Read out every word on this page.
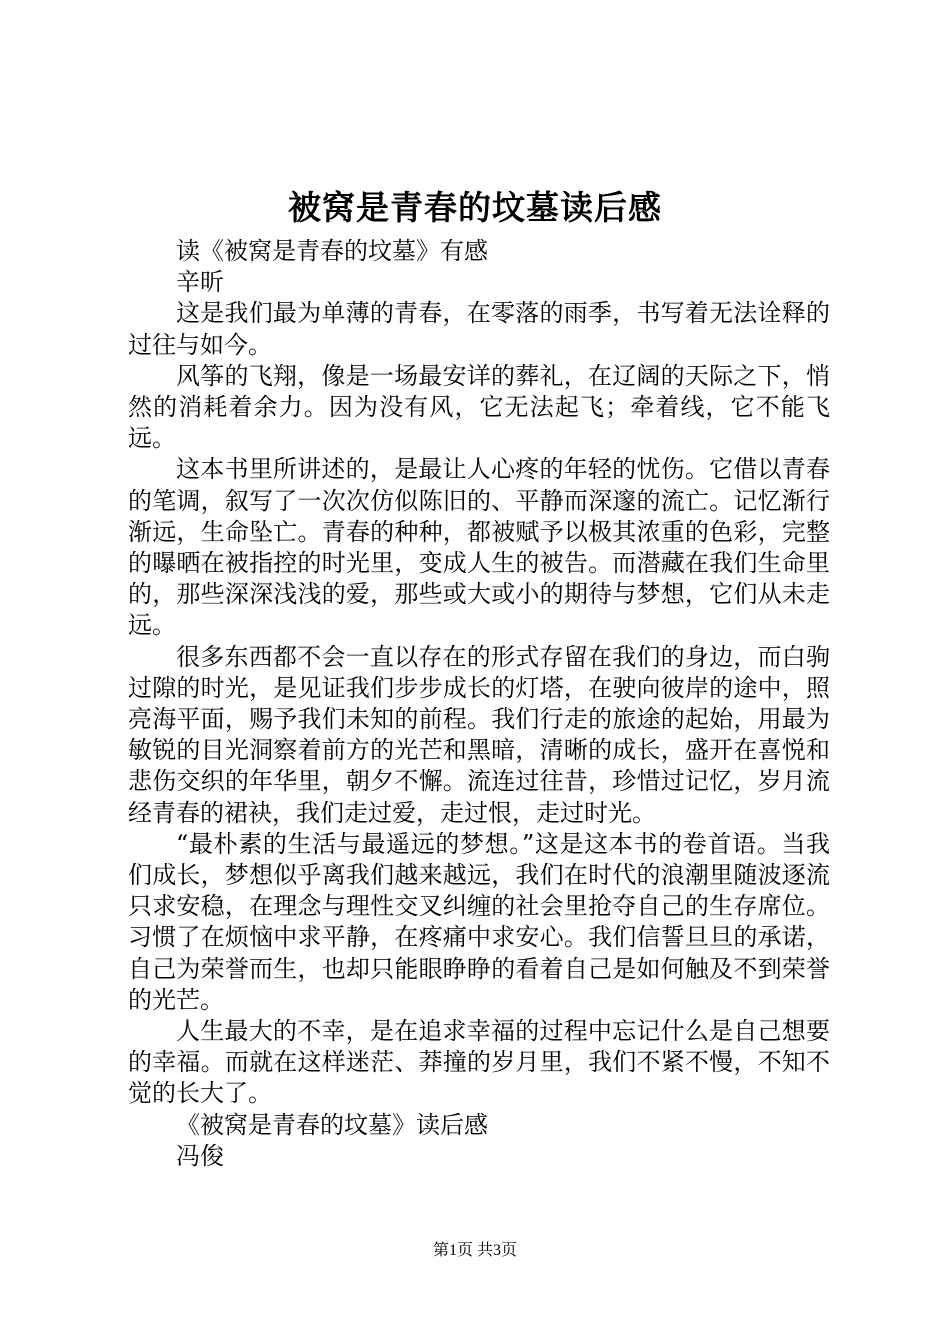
被窝是青春的坟墓读后感

读《被窝是青春的坟墓》有感

辛昕

这是我们最为单薄的青春，在零落的雨季，书写着无法诠释的过往与如今。

风筝的飞翔，像是一场最安详的葬礼，在辽阔的天际之下，悄然的消耗着余力。因为没有风，它无法起飞；牵着线，它不能飞远。

这本书里所讲述的，是最让人心疼的年轻的忧伤。它借以青春的笔调，叙写了一次次仿似陈旧的、平静而深邃的流亡。记忆渐行渐远，生命坠亡。青春的种种，都被赋予以极其浓重的色彩，完整的曝晒在被指控的时光里，变成人生的被告。而潜藏在我们生命里的，那些深深浅浅的爱，那些或大或小的期待与梦想，它们从未走远。

很多东西都不会一直以存在的形式存留在我们的身边，而白驹过隙的时光，是见证我们步步成长的灯塔，在驶向彼岸的途中，照亮海平面，赐予我们未知的前程。我们行走的旅途的起始，用最为敏锐的目光洞察着前方的光芒和黑暗，清晰的成长，盛开在喜悦和悲伤交织的年华里，朝夕不懈。流连过往昔，珍惜过记忆，岁月流经青春的裙袂，我们走过爱，走过恨，走过时光。

“最朴素的生活与最遥远的梦想。”这是这本书的卷首语。当我们成长，梦想似乎离我们越来越远，我们在时代的浪潮里随波逐流只求安稳，在理念与理性交叉纠缠的社会里抢夺自己的生存席位。习惯了在烦恼中求平静，在疼痛中求安心。我们信誓旦旦的承诺，自己为荣誉而生，也却只能眼睁睁的看着自己是如何触及不到荣誉的光芒。

人生最大的不幸，是在追求幸福的过程中忘记什么是自己想要的幸福。而就在这样迷茫、莽撞的岁月里，我们不紧不慢，不知不觉的长大了。

《被窝是青春的坟墓》读后感

冯俊

第1页 共3页
